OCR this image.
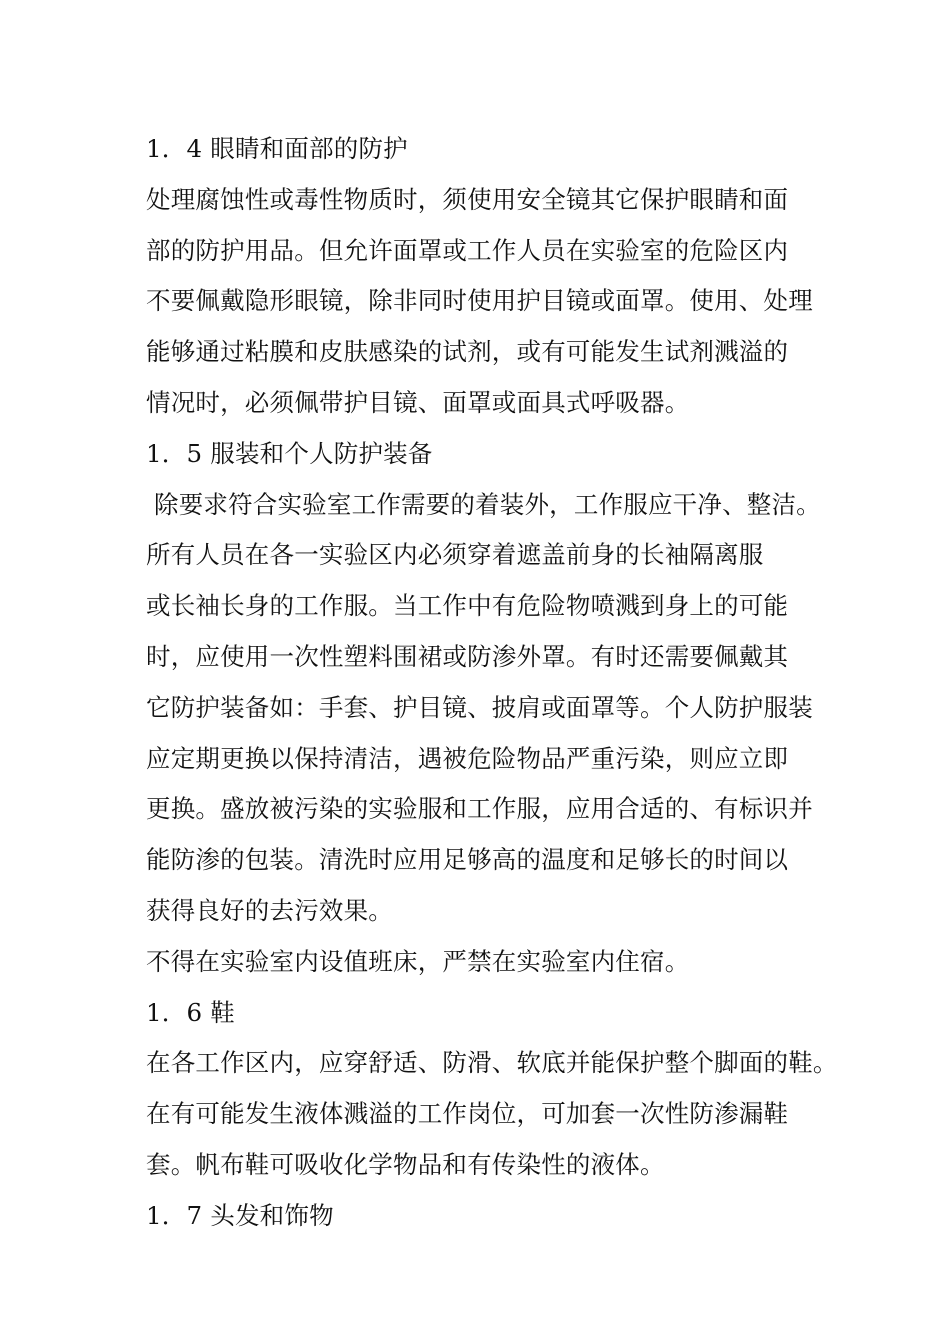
1．4 眼睛和面部的防护
处理腐蚀性或毒性物质时，须使用安全镜其它保护眼睛和面
部的防护用品。但允许面罩或工作人员在实验室的危险区内
不要佩戴隐形眼镜，除非同时使用护目镜或面罩。使用、处理
能够通过粘膜和皮肤感染的试剂，或有可能发生试剂溅溢的
情况时，必须佩带护目镜、面罩或面具式呼吸器。
1．5 服装和个人防护装备
除要求符合实验室工作需要的着装外，工作服应干净、整洁。
所有人员在各一实验区内必须穿着遮盖前身的长袖隔离服
或长袖长身的工作服。当工作中有危险物喷溅到身上的可能
时，应使用一次性塑料围裙或防渗外罩。有时还需要佩戴其
它防护装备如：手套、护目镜、披肩或面罩等。个人防护服装
应定期更换以保持清洁，遇被危险物品严重污染，则应立即
更换。盛放被污染的实验服和工作服，应用合适的、有标识并
能防渗的包装。清洗时应用足够高的温度和足够长的时间以
获得良好的去污效果。
不得在实验室内设值班床，严禁在实验室内住宿。
1．6 鞋
在各工作区内，应穿舒适、防滑、软底并能保护整个脚面的鞋。
在有可能发生液体溅溢的工作岗位，可加套一次性防渗漏鞋
套。帆布鞋可吸收化学物品和有传染性的液体。
1．7 头发和饰物
